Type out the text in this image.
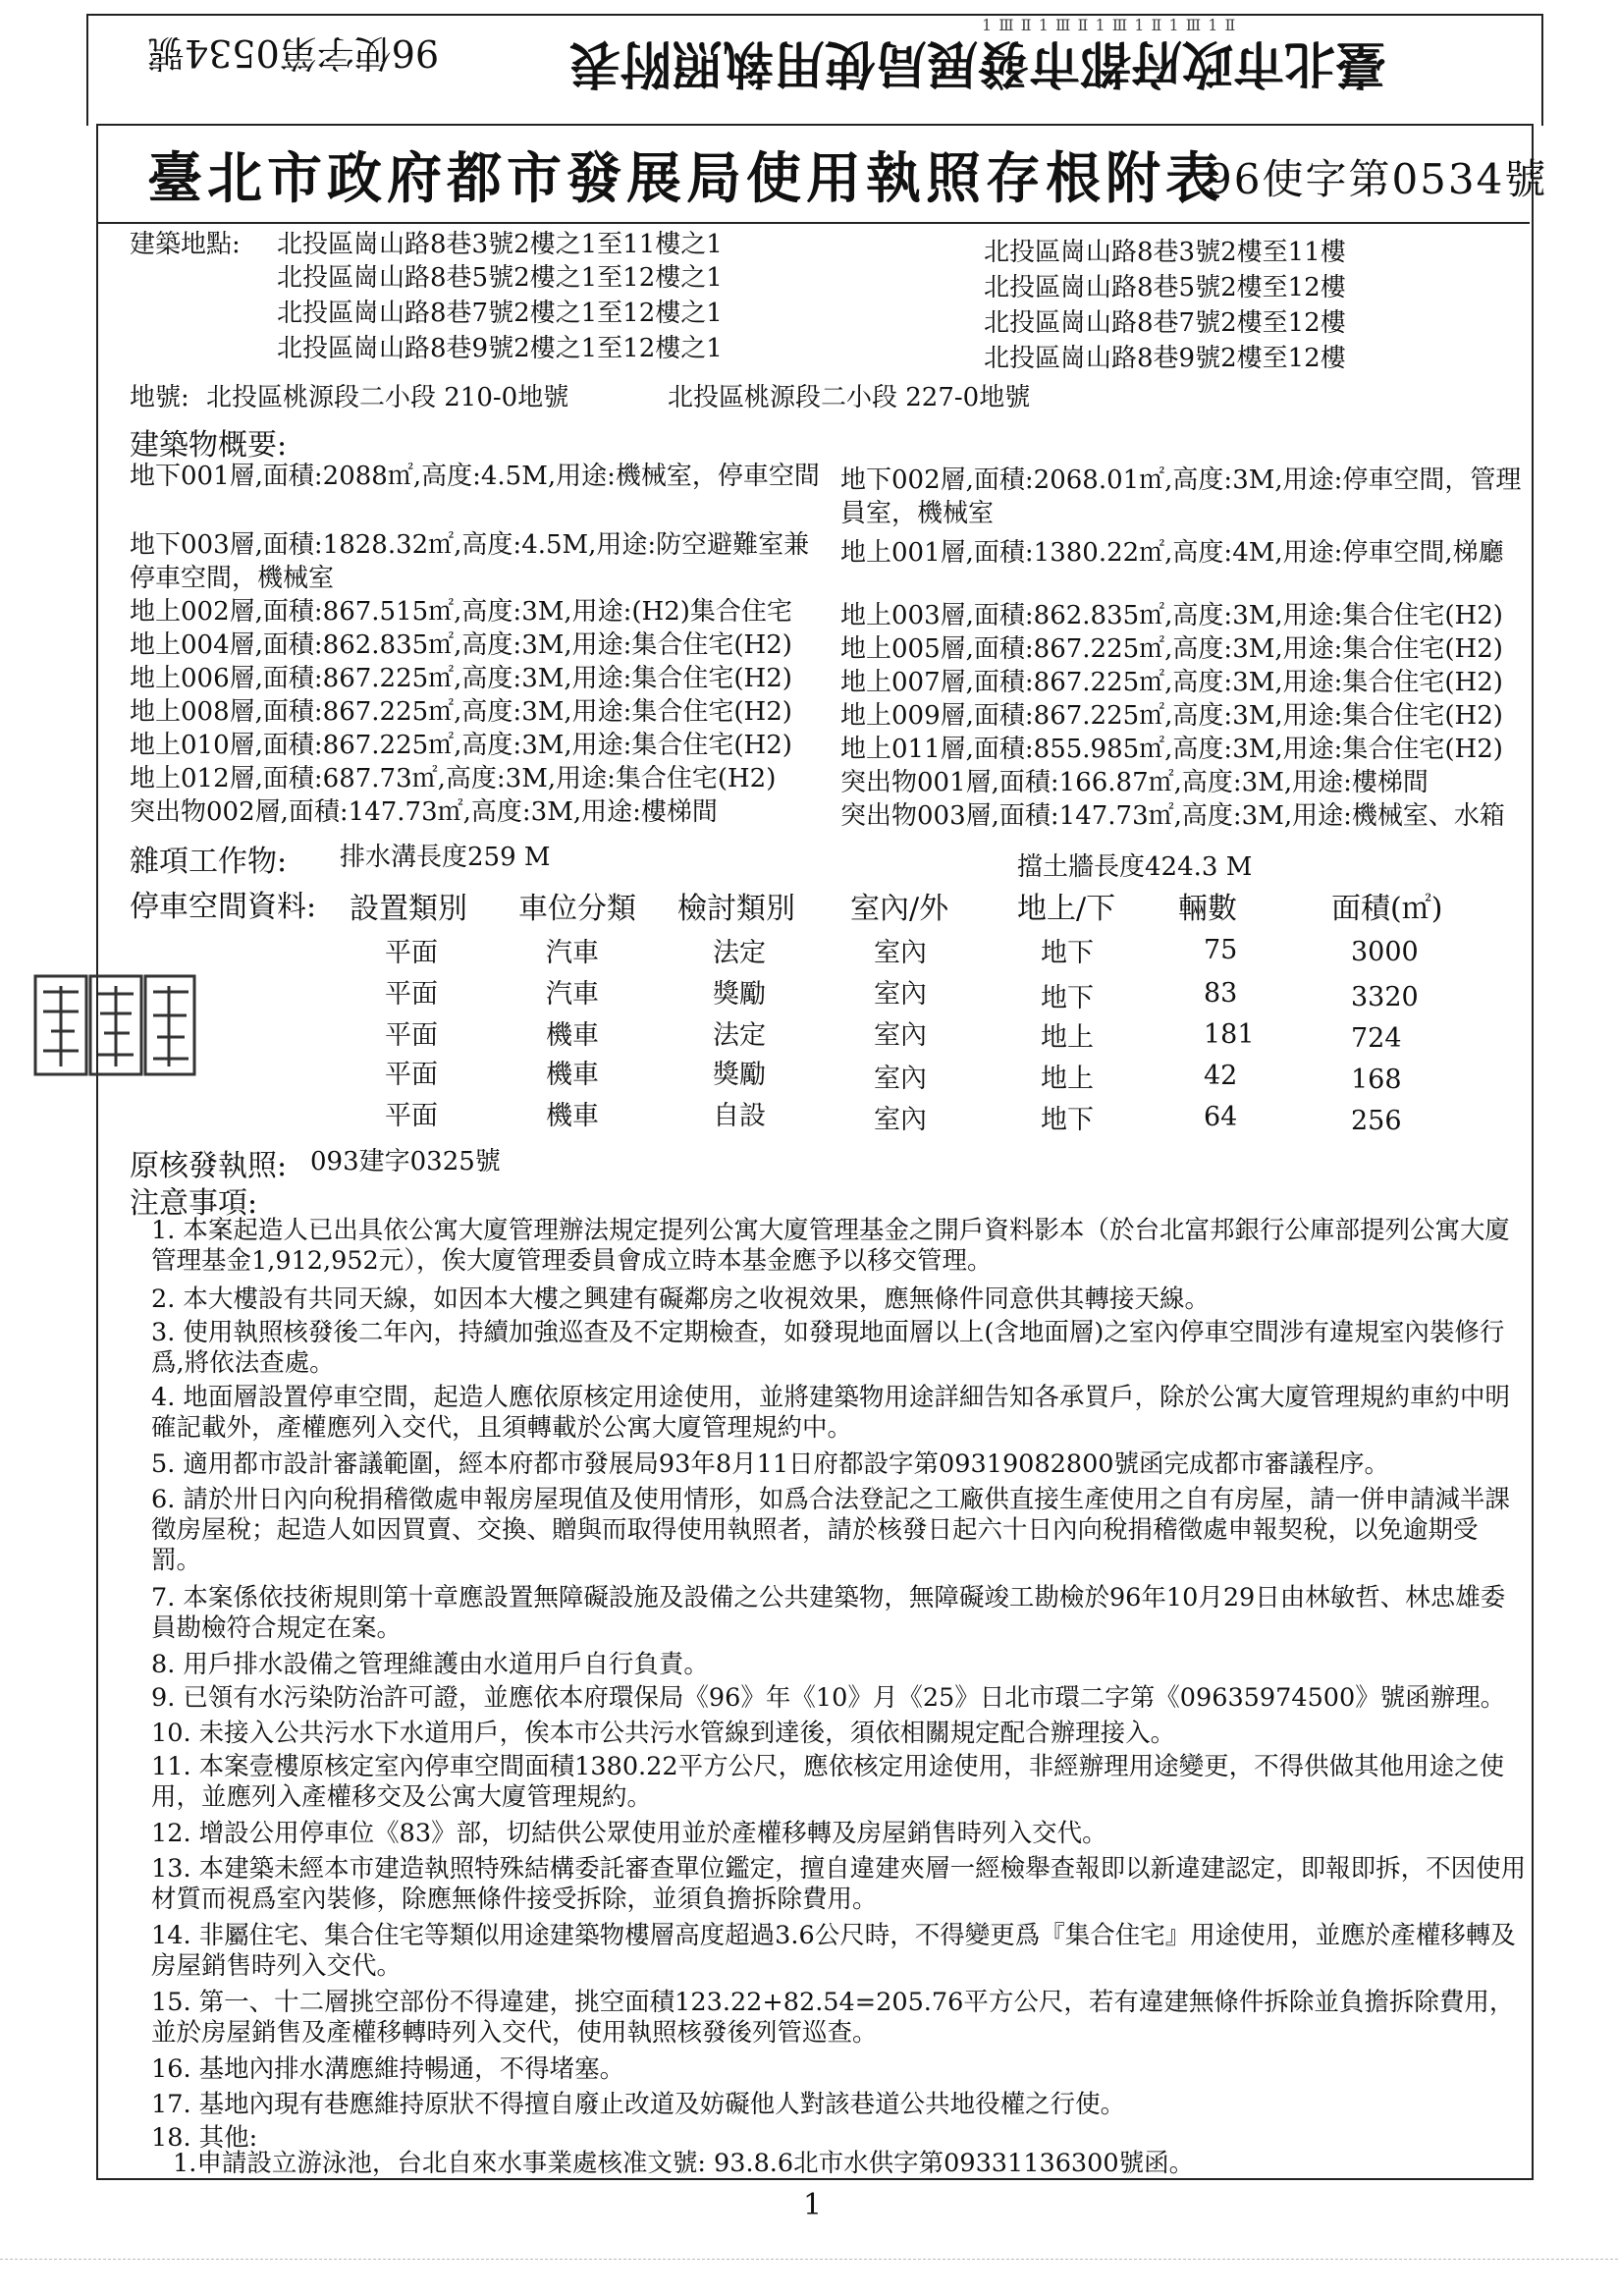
1 Ⅲ Ⅱ 1 Ⅲ Ⅱ 1 Ⅲ 1 Ⅱ 1 Ⅲ 1 Ⅱ
96使字第0534號	臺北市政府都市發展局使用執照附表
臺北市政府都市發展局使用執照存根附表
96使字第0534號
建築地點: 北投區崗山路8巷3號2樓之1至11樓之1
北投區崗山路8巷5號2樓之1至12樓之1
北投區崗山路8巷7號2樓之1至12樓之1
北投區崗山路8巷9號2樓之1至12樓之1
北投區崗山路8巷3號2樓至11樓
北投區崗山路8巷5號2樓至12樓
北投區崗山路8巷7號2樓至12樓
北投區崗山路8巷9號2樓至12樓
地號: 北投區桃源段二小段 210-0地號	北投區桃源段二小段 227-0地號
建築物概要:
地下001層,面積:2088㎡,高度:4.5M,用途:機械室，停車空間
地下003層,面積:1828.32㎡,高度:4.5M,用途:防空避難室兼停車空間，機械室
地上002層,面積:867.515㎡,高度:3M,用途:(H2)集合住宅
地上004層,面積:862.835㎡,高度:3M,用途:集合住宅(H2)
地上006層,面積:867.225㎡,高度:3M,用途:集合住宅(H2)
地上008層,面積:867.225㎡,高度:3M,用途:集合住宅(H2)
地上010層,面積:867.225㎡,高度:3M,用途:集合住宅(H2)
地上012層,面積:687.73㎡,高度:3M,用途:集合住宅(H2)
突出物002層,面積:147.73㎡,高度:3M,用途:樓梯間
地下002層,面積:2068.01㎡,高度:3M,用途:停車空間，管理員室，機械室
地上001層,面積:1380.22㎡,高度:4M,用途:停車空間,梯廳
地上003層,面積:862.835㎡,高度:3M,用途:集合住宅(H2)
地上005層,面積:867.225㎡,高度:3M,用途:集合住宅(H2)
地上007層,面積:867.225㎡,高度:3M,用途:集合住宅(H2)
地上009層,面積:867.225㎡,高度:3M,用途:集合住宅(H2)
地上011層,面積:855.985㎡,高度:3M,用途:集合住宅(H2)
突出物001層,面積:166.87㎡,高度:3M,用途:樓梯間
突出物003層,面積:147.73㎡,高度:3M,用途:機械室、水箱
雜項工作物: 排水溝長度259 M	擋土牆長度424.3 M
停車空間資料: 設置類別 車位分類 檢討類別 室內/外 地上/下 輛數	面積(㎡)
平面	汽車	法定	室內	地下	75	3000
平面	汽車	獎勵	室內	地下	83	3320
平面	機車	法定	室內	地上	181	724
平面	機車	獎勵	室內	地上	42	168
平面	機車	自設	室內	地下	64	256
原核發執照: 093建字0325號
注意事項:
1. 本案起造人已出具依公寓大廈管理辦法規定提列公寓大廈管理基金之開戶資料影本（於台北富邦銀行公庫部提列公寓大廈管理基金1,912,952元），俟大廈管理委員會成立時本基金應予以移交管理。
2. 本大樓設有共同天線，如因本大樓之興建有礙鄰房之收視效果，應無條件同意供其轉接天線。
3. 使用執照核發後二年內，持續加強巡查及不定期檢查，如發現地面層以上(含地面層)之室內停車空間涉有違規室內裝修行爲,將依法查處。
4. 地面層設置停車空間，起造人應依原核定用途使用，並將建築物用途詳細告知各承買戶，除於公寓大廈管理規約車約中明確記載外，產權應列入交代，且須轉載於公寓大廈管理規約中。
5. 適用都市設計審議範圍，經本府都市發展局93年8月11日府都設字第09319082800號函完成都市審議程序。
6. 請於卅日內向稅捐稽徵處申報房屋現值及使用情形，如爲合法登記之工廠供直接生產使用之自有房屋，請一併申請減半課徵房屋稅；起造人如因買賣、交換、贈與而取得使用執照者，請於核發日起六十日內向稅捐稽徵處申報契稅，以免逾期受罰。
7. 本案係依技術規則第十章應設置無障礙設施及設備之公共建築物，無障礙竣工勘檢於96年10月29日由林敏哲、林忠雄委員勘檢符合規定在案。
8. 用戶排水設備之管理維護由水道用戶自行負責。
9. 已領有水污染防治許可證，並應依本府環保局《96》年《10》月《25》日北市環二字第《09635974500》號函辦理。
10. 未接入公共污水下水道用戶，俟本市公共污水管線到達後，須依相關規定配合辦理接入。
11. 本案壹樓原核定室內停車空間面積1380.22平方公尺，應依核定用途使用，非經辦理用途變更，不得供做其他用途之使用，並應列入產權移交及公寓大廈管理規約。
12. 增設公用停車位《83》部，切結供公眾使用並於產權移轉及房屋銷售時列入交代。
13. 本建築未經本市建造執照特殊結構委託審查單位鑑定，擅自違建夾層一經檢舉查報即以新違建認定，即報即拆，不因使用材質而視爲室內裝修，除應無條件接受拆除，並須負擔拆除費用。
14. 非屬住宅、集合住宅等類似用途建築物樓層高度超過3.6公尺時，不得變更爲『集合住宅』用途使用，並應於產權移轉及房屋銷售時列入交代。
15. 第一、十二層挑空部份不得違建，挑空面積123.22+82.54=205.76平方公尺，若有違建無條件拆除並負擔拆除費用，並於房屋銷售及產權移轉時列入交代，使用執照核發後列管巡查。
16. 基地內排水溝應維持暢通，不得堵塞。
17. 基地內現有巷應維持原狀不得擅自廢止改道及妨礙他人對該巷道公共地役權之行使。
18. 其他:
1.申請設立游泳池，台北自來水事業處核准文號: 93.8.6北市水供字第09331136300號函。
1
